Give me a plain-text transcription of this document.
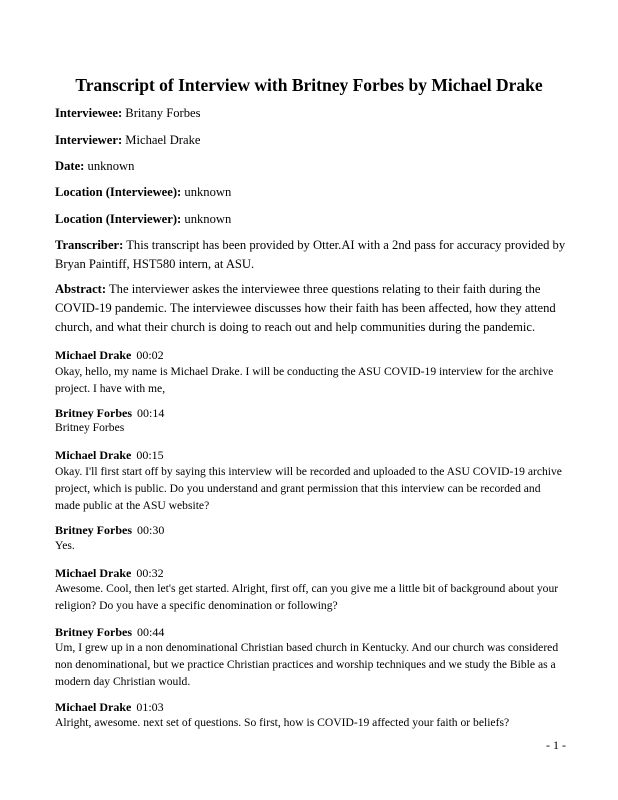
Transcript of Interview with Britney Forbes by Michael Drake
Interviewee: Britany Forbes
Interviewer: Michael Drake
Date: unknown
Location (Interviewee): unknown
Location (Interviewer): unknown
Transcriber: This transcript has been provided by Otter.AI with a 2nd pass for accuracy provided by Bryan Paintiff, HST580 intern, at ASU.
Abstract: The interviewer askes the interviewee three questions relating to their faith during the COVID-19 pandemic. The interviewee discusses how their faith has been affected, how they attend church, and what their church is doing to reach out and help communities during the pandemic.
Michael Drake 00:02
Okay, hello, my name is Michael Drake. I will be conducting the ASU COVID-19 interview for the archive project. I have with me,
Britney Forbes 00:14
Britney Forbes
Michael Drake 00:15
Okay. I'll first start off by saying this interview will be recorded and uploaded to the ASU COVID-19 archive project, which is public. Do you understand and grant permission that this interview can be recorded and made public at the ASU website?
Britney Forbes 00:30
Yes.
Michael Drake 00:32
Awesome. Cool, then let's get started. Alright, first off, can you give me a little bit of background about your religion? Do you have a specific denomination or following?
Britney Forbes 00:44
Um, I grew up in a non denominational Christian based church in Kentucky. And our church was considered non denominational, but we practice Christian practices and worship techniques and we study the Bible as a modern day Christian would.
Michael Drake 01:03
Alright, awesome. next set of questions. So first, how is COVID-19 affected your faith or beliefs?
- 1 -
